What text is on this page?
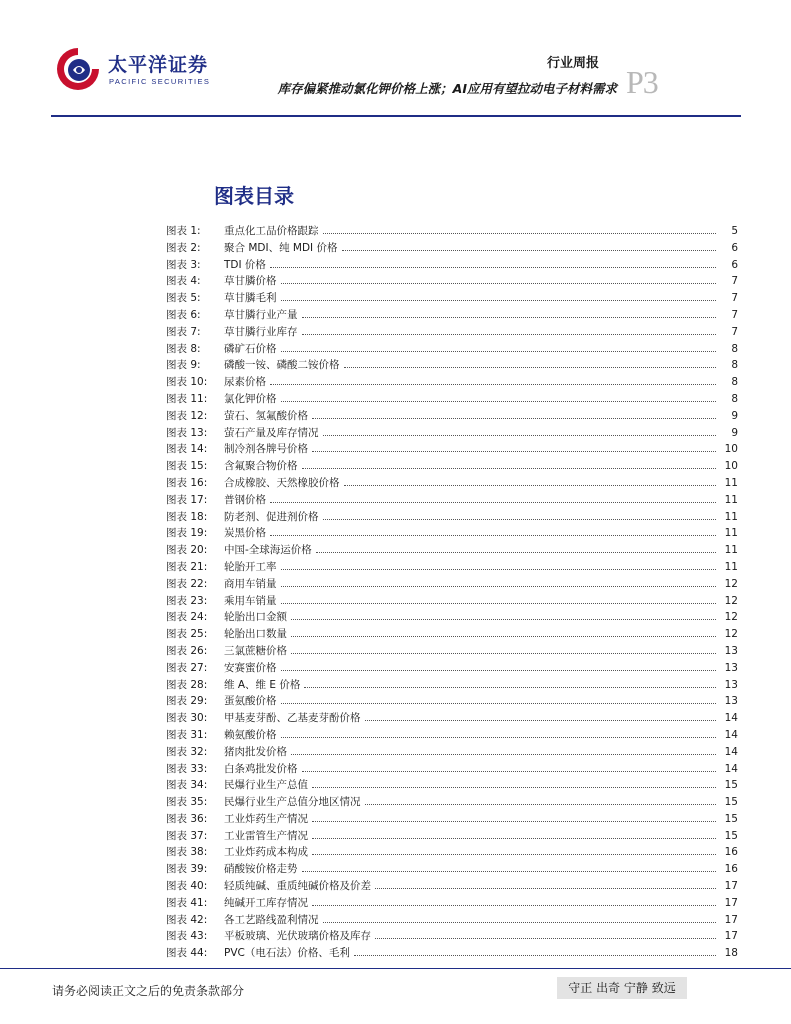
太平洋证券
PACIFIC SECURITIES
行业周报
库存偏紧推动氯化钾价格上涨；AI应用有望拉动电子材料需求 P3
图表目录
图表 1:	重点化工品价格跟踪	5
图表 2:	聚合 MDI、纯 MDI 价格	6
图表 3:	TDI 价格	6
图表 4:	草甘膦价格	7
图表 5:	草甘膦毛利	7
图表 6:	草甘膦行业产量	7
图表 7:	草甘膦行业库存	7
图表 8:	磷矿石价格	8
图表 9:	磷酸一铵、磷酸二铵价格	8
图表 10:	尿素价格	8
图表 11:	氯化钾价格	8
图表 12:	萤石、氢氟酸价格	9
图表 13:	萤石产量及库存情况	9
图表 14:	制冷剂各牌号价格	10
图表 15:	含氟聚合物价格	10
图表 16:	合成橡胶、天然橡胶价格	11
图表 17:	普钢价格	11
图表 18:	防老剂、促进剂价格	11
图表 19:	炭黑价格	11
图表 20:	中国-全球海运价格	11
图表 21:	轮胎开工率	11
图表 22:	商用车销量	12
图表 23:	乘用车销量	12
图表 24:	轮胎出口金额	12
图表 25:	轮胎出口数量	12
图表 26:	三氯蔗糖价格	13
图表 27:	安赛蜜价格	13
图表 28:	维 A、维 E 价格	13
图表 29:	蛋氨酸价格	13
图表 30:	甲基麦芽酚、乙基麦芽酚价格	14
图表 31:	赖氨酸价格	14
图表 32:	猪肉批发价格	14
图表 33:	白条鸡批发价格	14
图表 34:	民爆行业生产总值	15
图表 35:	民爆行业生产总值分地区情况	15
图表 36:	工业炸药生产情况	15
图表 37:	工业雷管生产情况	15
图表 38:	工业炸药成本构成	16
图表 39:	硝酸铵价格走势	16
图表 40:	轻质纯碱、重质纯碱价格及价差	17
图表 41:	纯碱开工库存情况	17
图表 42:	各工艺路线盈利情况	17
图表 43:	平板玻璃、光伏玻璃价格及库存	17
图表 44:	PVC（电石法）价格、毛利	18
请务必阅读正文之后的免责条款部分	守正 出奇 宁静 致远
